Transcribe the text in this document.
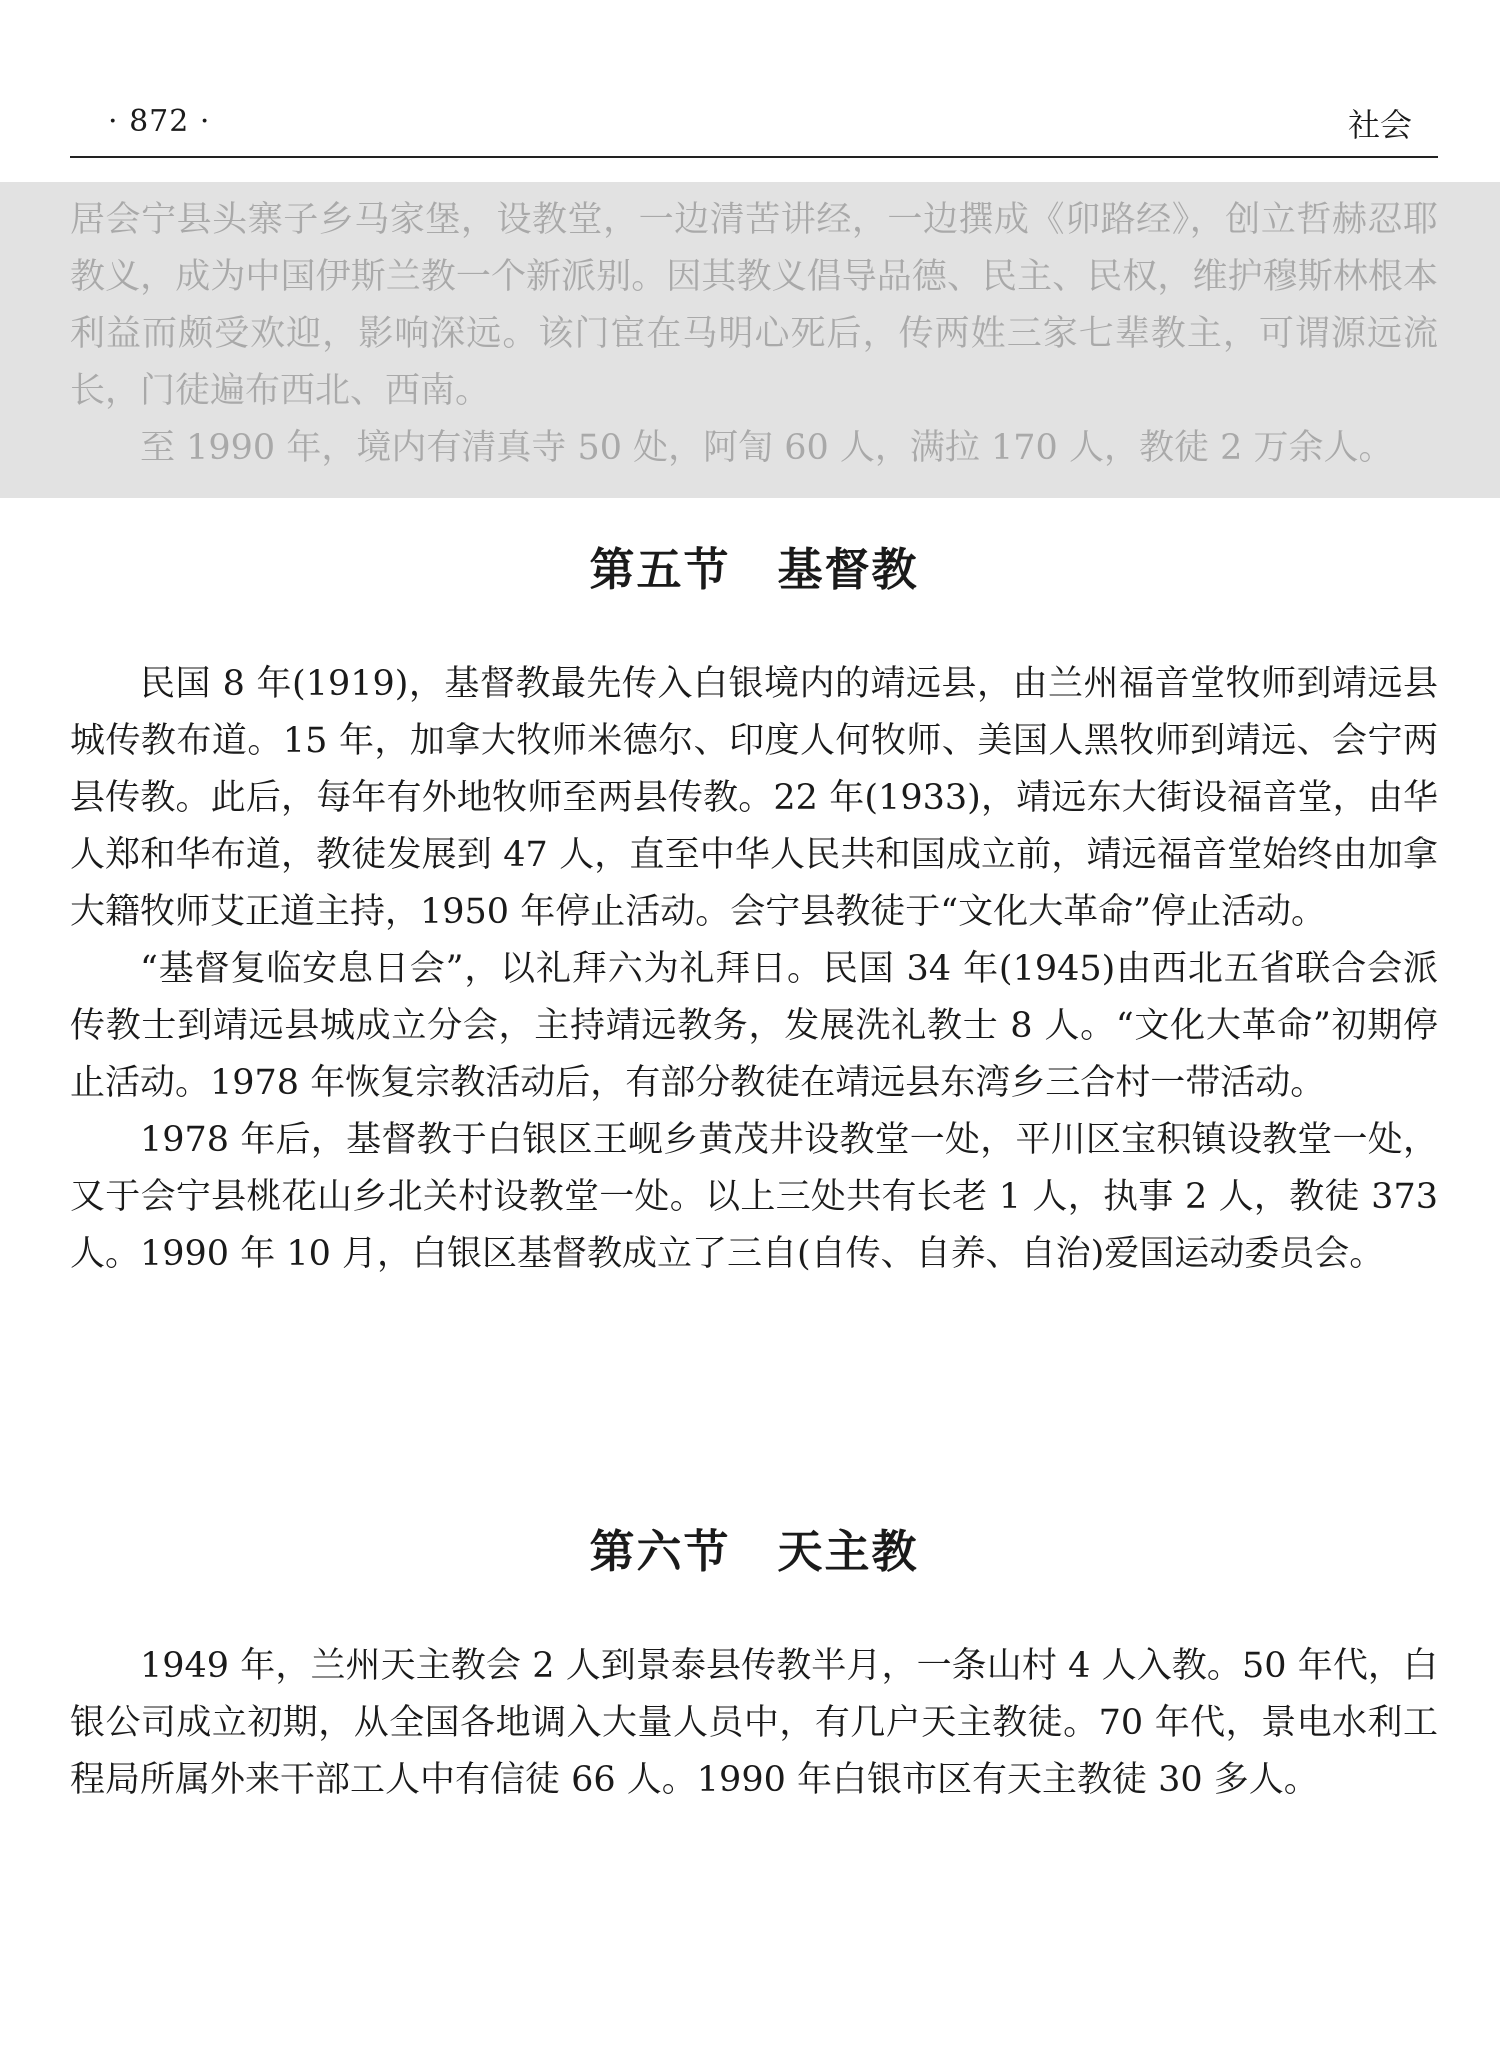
· 872 ·	社会

居会宁县头寨子乡马家堡，设教堂，一边清苦讲经，一边撰成《卯路经》，创立哲赫忍耶教义，成为中国伊斯兰教一个新派别。因其教义倡导品德、民主、民权，维护穆斯林根本利益而颇受欢迎，影响深远。该门宦在马明心死后，传两姓三家七辈教主，可谓源远流长，门徒遍布西北、西南。

至 1990 年，境内有清真寺 50 处，阿訇 60 人，满拉 170 人，教徒 2 万余人。

第五节　基督教

民国 8 年(1919)，基督教最先传入白银境内的靖远县，由兰州福音堂牧师到靖远县城传教布道。15 年，加拿大牧师米德尔、印度人何牧师、美国人黑牧师到靖远、会宁两县传教。此后，每年有外地牧师至两县传教。22 年(1933)，靖远东大街设福音堂，由华人郑和华布道，教徒发展到 47 人，直至中华人民共和国成立前，靖远福音堂始终由加拿大籍牧师艾正道主持，1950 年停止活动。会宁县教徒于“文化大革命”停止活动。

“基督复临安息日会”，以礼拜六为礼拜日。民国 34 年(1945)由西北五省联合会派传教士到靖远县城成立分会，主持靖远教务，发展洗礼教士 8 人。“文化大革命”初期停止活动。1978 年恢复宗教活动后，有部分教徒在靖远县东湾乡三合村一带活动。

1978 年后，基督教于白银区王岘乡黄茂井设教堂一处，平川区宝积镇设教堂一处，又于会宁县桃花山乡北关村设教堂一处。以上三处共有长老 1 人，执事 2 人，教徒 373 人。1990 年 10 月，白银区基督教成立了三自(自传、自养、自治)爱国运动委员会。

第六节　天主教

1949 年，兰州天主教会 2 人到景泰县传教半月，一条山村 4 人入教。50 年代，白银公司成立初期，从全国各地调入大量人员中，有几户天主教徒。70 年代，景电水利工程局所属外来干部工人中有信徒 66 人。1990 年白银市区有天主教徒 30 多人。
